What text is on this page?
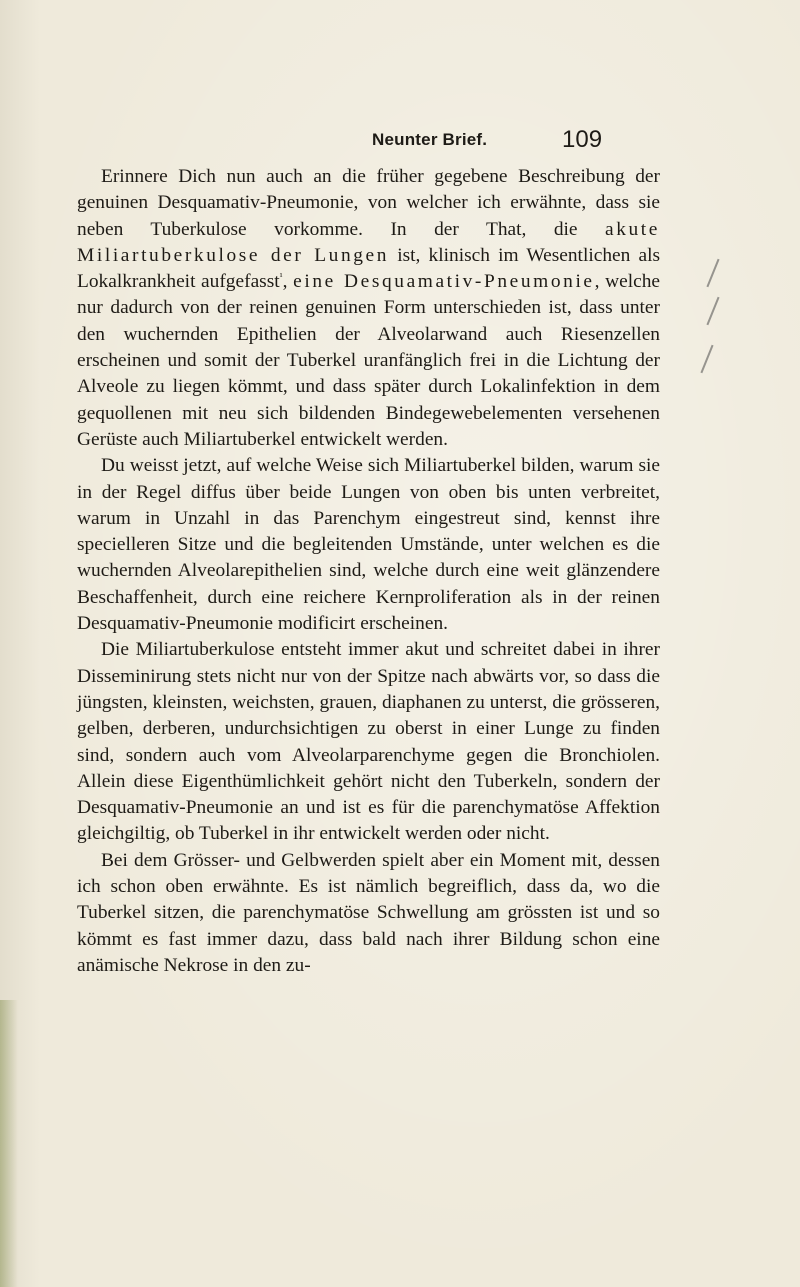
Neunter Brief.	109

Erinnere Dich nun auch an die früher gegebene Beschreibung der genuinen Desquamativ-Pneumonie, von welcher ich erwähnte, dass sie neben Tuberkulose vorkomme. In der That, die akute Miliartuberkulose der Lungen ist, klinisch im Wesentlichen als Lokalkrankheit aufgefasst$^{^1}$, eine Desquamativ-Pneumonie, welche nur dadurch von der reinen genuinen Form unterschieden ist, dass unter den wuchernden Epithelien der Alveolarwand auch Riesenzellen erscheinen und somit der Tuberkel uranfänglich frei in die Lichtung der Alveole zu liegen kömmt, und dass später durch Lokalinfektion in dem gequollenen mit neu sich bildenden Bindegewebelementen versehenen Gerüste auch Miliartuberkel entwickelt werden.

Du weisst jetzt, auf welche Weise sich Miliartuberkel bilden, warum sie in der Regel diffus über beide Lungen von oben bis unten verbreitet, warum in Unzahl in das Parenchym eingestreut sind, kennst ihre specielleren Sitze und die begleitenden Umstände, unter welchen es die wuchernden Alveolarepithelien sind, welche durch eine weit glänzendere Beschaffenheit, durch eine reichere Kernproliferation als in der reinen Desquamativ-Pneumonie modificirt erscheinen.

Die Miliartuberkulose entsteht immer akut und schreitet dabei in ihrer Disseminirung stets nicht nur von der Spitze nach abwärts vor, so dass die jüngsten, kleinsten, weichsten, grauen, diaphanen zu unterst, die grösseren, gelben, derberen, undurchsichtigen zu oberst in einer Lunge zu finden sind, sondern auch vom Alveolarparenchyme gegen die Bronchiolen. Allein diese Eigenthümlichkeit gehört nicht den Tuberkeln, sondern der Desquamativ-Pneumonie an und ist es für die parenchymatöse Affektion gleichgiltig, ob Tuberkel in ihr entwickelt werden oder nicht.

Bei dem Grösser- und Gelbwerden spielt aber ein Moment mit, dessen ich schon oben erwähnte. Es ist nämlich begreiflich, dass da, wo die Tuberkel sitzen, die parenchymatöse Schwellung am grössten ist und so kömmt es fast immer dazu, dass bald nach ihrer Bildung schon eine anämische Nekrose in den zu-
